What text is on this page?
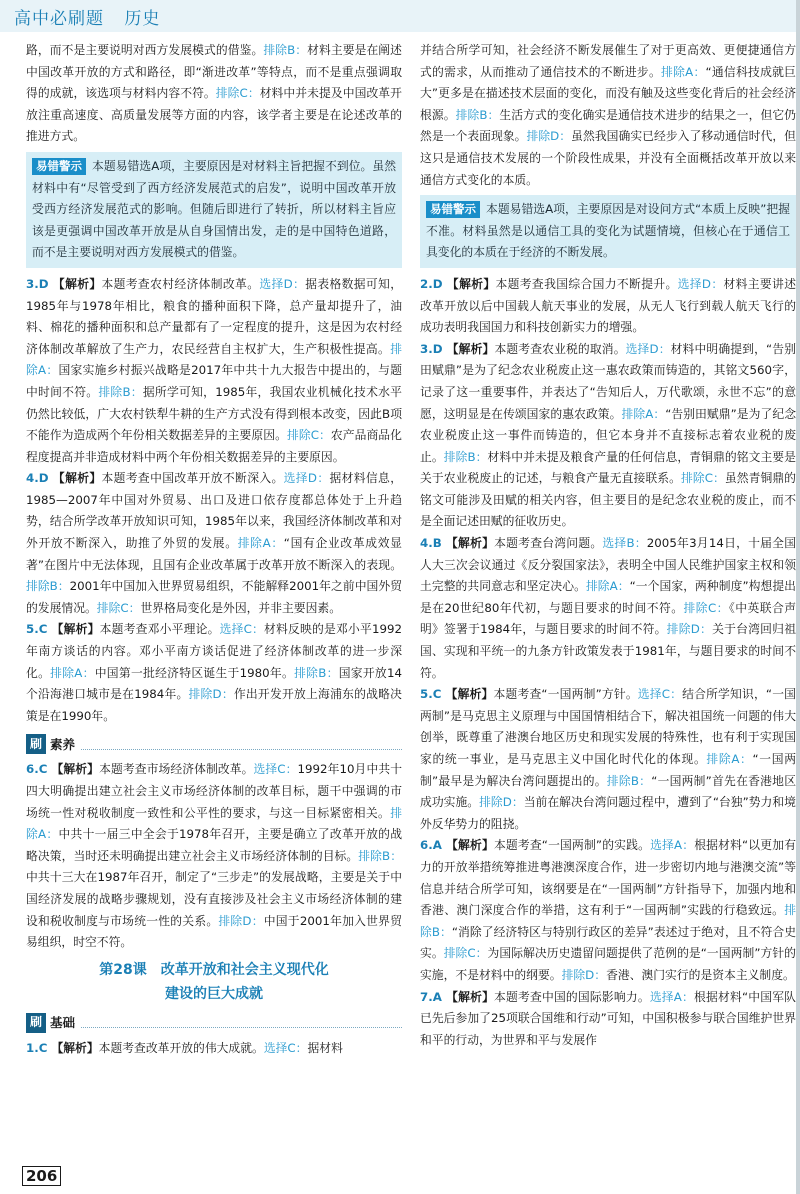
高中必刷题 历史

路，而不是主要说明对西方发展模式的借鉴。排除B：材料主要是在阐述中国改革开放的方式和路径，即“渐进改革”等特点，而不是重点强调取得的成就，该选项与材料内容不符。排除C：材料中并未提及中国改革开放注重高速度、高质量发展等方面的内容，该学者主要是在论述改革的推进方式。

易错警示 本题易错选A项，主要原因是对材料主旨把握不到位。虽然材料中有“尽管受到了西方经济发展范式的启发”，说明中国改革开放受西方经济发展范式的影响。但随后即进行了转折，所以材料主旨应该是更强调中国改革开放是从自身国情出发，走的是中国特色道路，而不是主要说明对西方发展模式的借鉴。

3.D 【解析】本题考查农村经济体制改革。选择D：据表格数据可知，1985年与1978年相比，粮食的播种面积下降，总产量却提升了，油料、棉花的播种面积和总产量都有了一定程度的提升，这是因为农村经济体制改革解放了生产力，农民经营自主权扩大，生产积极性提高。排除A：国家实施乡村振兴战略是2017年中共十九大报告中提出的，与题中时间不符。排除B：据所学可知，1985年，我国农业机械化技术水平仍然比较低，广大农村铁犁牛耕的生产方式没有得到根本改变，因此B项不能作为造成两个年份相关数据差异的主要原因。排除C：农产品商品化程度提高并非造成材料中两个年份相关数据差异的主要原因。

4.D 【解析】本题考查中国改革开放不断深入。选择D：据材料信息，1985—2007年中国对外贸易、出口及进口依存度都总体处于上升趋势，结合所学改革开放知识可知，1985年以来，我国经济体制改革和对外开放不断深入，助推了外贸的发展。排除A：“国有企业改革成效显著”在图片中无法体现，且国有企业改革属于改革开放不断深入的表现。排除B：2001年中国加入世界贸易组织，不能解释2001年之前中国外贸的发展情况。排除C：世界格局变化是外因，并非主要因素。

5.C 【解析】本题考查邓小平理论。选择C：材料反映的是邓小平1992年南方谈话的内容。邓小平南方谈话促进了经济体制改革的进一步深化。排除A：中国第一批经济特区诞生于1980年。排除B：国家开放14个沿海港口城市是在1984年。排除D：作出开发开放上海浦东的战略决策是在1990年。

刷 素养

6.C 【解析】本题考查市场经济体制改革。选择C：1992年10月中共十四大明确提出建立社会主义市场经济体制的改革目标，题干中强调的市场统一性对税收制度一致性和公平性的要求，与这一目标紧密相关。排除A：中共十一届三中全会于1978年召开，主要是确立了改革开放的战略决策，当时还未明确提出建立社会主义市场经济体制的目标。排除B：中共十三大在1987年召开，制定了“三步走”的发展战略，主要是关于中国经济发展的战略步骤规划，没有直接涉及社会主义市场经济体制的建设和税收制度与市场统一性的关系。排除D：中国于2001年加入世界贸易组织，时空不符。

第28课　改革开放和社会主义现代化
建设的巨大成就
刷 基础

1.C 【解析】本题考查改革开放的伟大成就。选择C：据材料

并结合所学可知，社会经济不断发展催生了对于更高效、更便捷通信方式的需求，从而推动了通信技术的不断进步。排除A：“通信科技成就巨大”更多是在描述技术层面的变化，而没有触及这些变化背后的社会经济根源。排除B：生活方式的变化确实是通信技术进步的结果之一，但它仍然是一个表面现象。排除D：虽然我国确实已经步入了移动通信时代，但这只是通信技术发展的一个阶段性成果，并没有全面概括改革开放以来通信方式变化的本质。

易错警示 本题易错选A项，主要原因是对设问方式“本质上反映”把握不准。材料虽然是以通信工具的变化为试题情境，但核心在于通信工具变化的本质在于经济的不断发展。

2.D 【解析】本题考查我国综合国力不断提升。选择D：材料主要讲述改革开放以后中国载人航天事业的发展，从无人飞行到载人航天飞行的成功表明我国国力和科技创新实力的增强。

3.D 【解析】本题考查农业税的取消。选择D：材料中明确提到，“告别田赋鼎”是为了纪念农业税废止这一惠农政策而铸造的，其铭文560字，记录了这一重要事件，并表达了“告知后人，万代歌颂，永世不忘”的意愿，这明显是在传颂国家的惠农政策。排除A：“告别田赋鼎”是为了纪念农业税废止这一事件而铸造的，但它本身并不直接标志着农业税的废止。排除B：材料中并未提及粮食产量的任何信息，青铜鼎的铭文主要是关于农业税废止的记述，与粮食产量无直接联系。排除C：虽然青铜鼎的铭文可能涉及田赋的相关内容，但主要目的是纪念农业税的废止，而不是全面记述田赋的征收历史。

4.B 【解析】本题考查台湾问题。选择B：2005年3月14日，十届全国人大三次会议通过《反分裂国家法》，表明全中国人民维护国家主权和领土完整的共同意志和坚定决心。排除A：“一个国家，两种制度”构想提出是在20世纪80年代初，与题目要求的时间不符。排除C：《中英联合声明》签署于1984年，与题目要求的时间不符。排除D：关于台湾回归祖国、实现和平统一的九条方针政策发表于1981年，与题目要求的时间不符。

5.C 【解析】本题考查“一国两制”方针。选择C：结合所学知识，“一国两制”是马克思主义原理与中国国情相结合下，解决祖国统一问题的伟大创举，既尊重了港澳台地区历史和现实发展的特殊性，也有利于实现国家的统一事业，是马克思主义中国化时代化的体现。排除A：“一国两制”最早是为解决台湾问题提出的。排除B：“一国两制”首先在香港地区成功实施。排除D：当前在解决台湾问题过程中，遭到了“台独”势力和境外反华势力的阻挠。

6.A 【解析】本题考查“一国两制”的实践。选择A：根据材料“以更加有力的开放举措统筹推进粤港澳深度合作，进一步密切内地与港澳交流”等信息并结合所学可知，该纲要是在“一国两制”方针指导下，加强内地和香港、澳门深度合作的举措，这有利于“一国两制”实践的行稳致远。排除B：“消除了经济特区与特别行政区的差异”表述过于绝对，且不符合史实。排除C：为国际解决历史遗留问题提供了范例的是“一国两制”方针的实施，不是材料中的纲要。排除D：香港、澳门实行的是资本主义制度。

7.A 【解析】本题考查中国的国际影响力。选择A：根据材料“中国军队已先后参加了25项联合国维和行动”可知，中国积极参与联合国维护世界和平的行动，为世界和平与发展作

206
